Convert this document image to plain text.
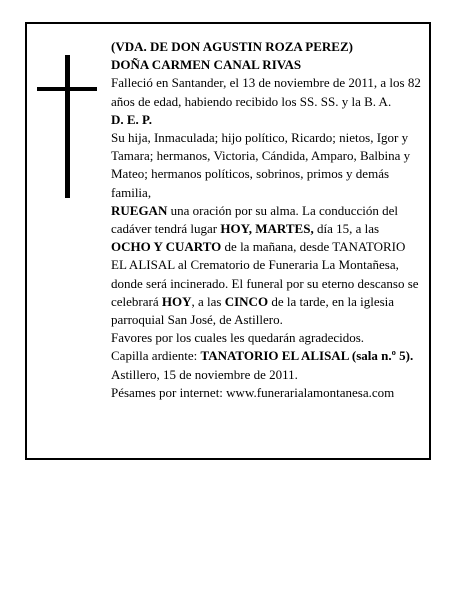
(VDA. DE DON AGUSTIN ROZA PEREZ)

DOÑA CARMEN CANAL RIVAS

Falleció en Santander, el 13 de noviembre de 2011, a los 82 años de edad, habiendo recibido los SS. SS. y la B. A.

D. E. P.

Su hija, Inmaculada; hijo político, Ricardo; nietos, Igor y Tamara; hermanos, Victoria, Cándida, Amparo, Balbina y Mateo; hermanos políticos, sobrinos, primos y demás familia,

RUEGAN una oración por su alma. La conducción del cadáver tendrá lugar HOY, MARTES, día 15, a las OCHO Y CUARTO de la mañana, desde TANATORIO EL ALISAL al Crematorio de Funeraria La Montañesa, donde será incinerado. El funeral por su eterno descanso se celebrará HOY, a las CINCO de la tarde, en la iglesia parroquial San José, de Astillero.

Favores por los cuales les quedarán agradecidos.

Capilla ardiente: TANATORIO EL ALISAL (sala n.º 5).

Astillero, 15 de noviembre de 2011.

Pésames por internet: www.funerarialamontanesa.com
